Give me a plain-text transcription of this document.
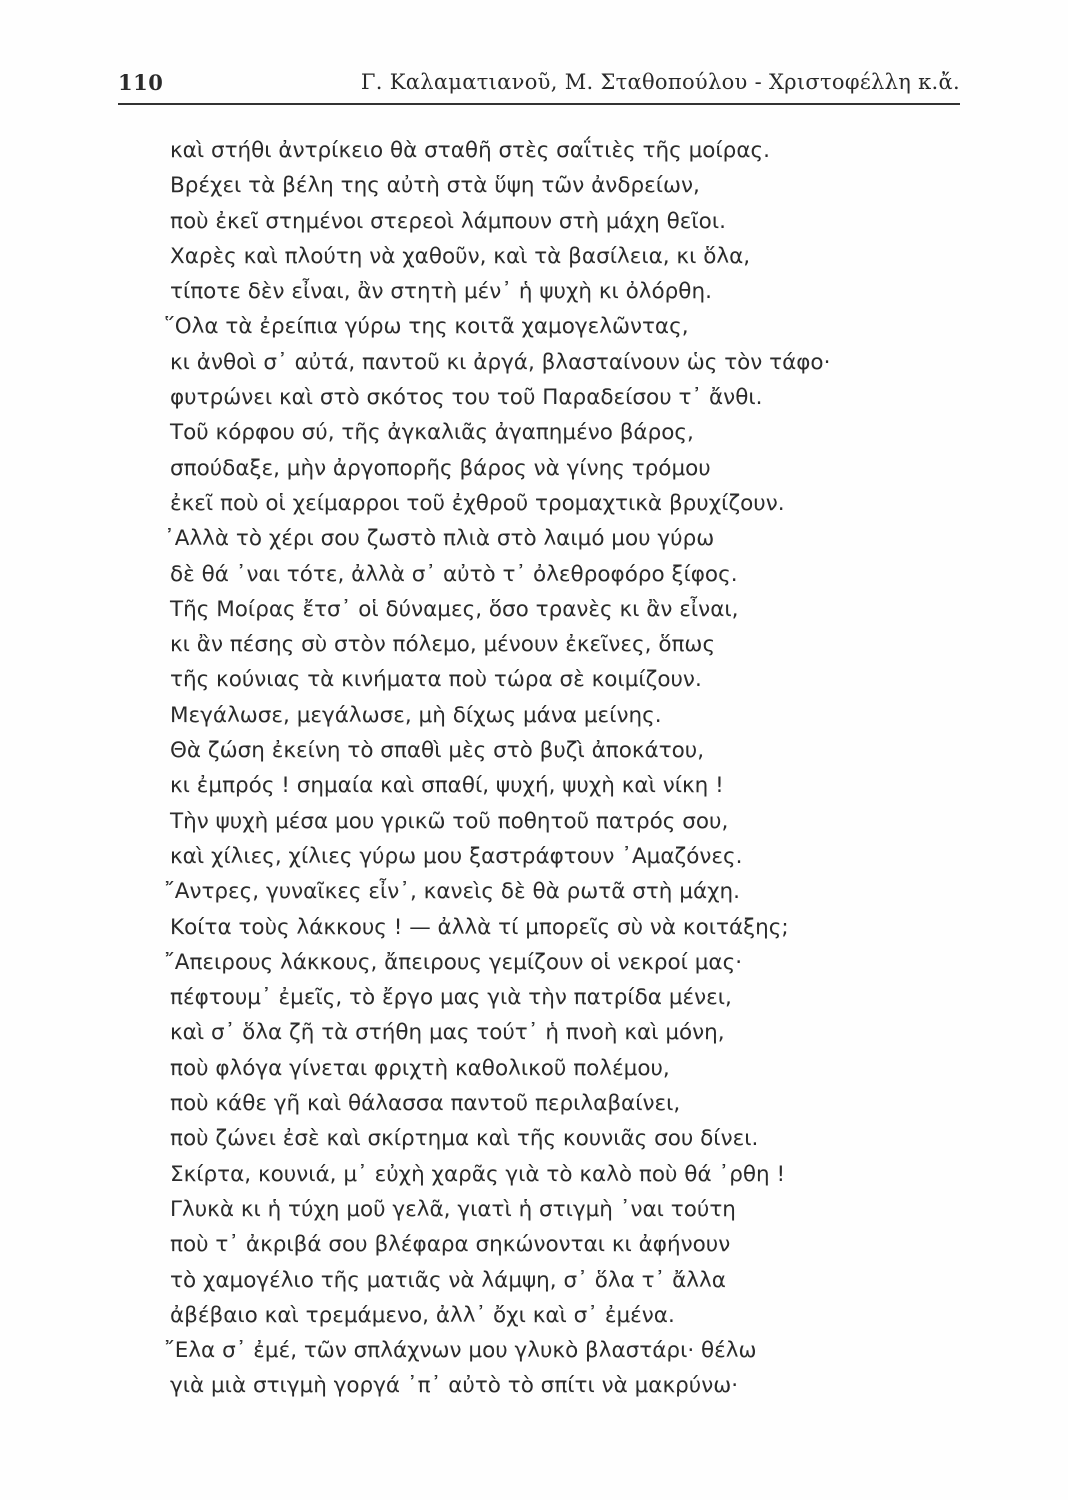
110	Γ. Καλαματιανοῦ, Μ. Σταθοπούλου - Χριστοφέλλη κ.ἄ.
καὶ στήθι ἀντρίκειο θὰ σταθῆ στὲς σαΐτιὲς τῆς μοίρας.
Βρέχει τὰ βέλη της αὐτὴ στὰ ὕψη τῶν ἀνδρείων,
ποὺ ἐκεῖ στημένοι στερεοὶ λάμπουν στὴ μάχη θεῖοι.
Χαρὲς καὶ πλούτη νὰ χαθοῦν, καὶ τὰ βασίλεια, κι ὅλα,
τίποτε δὲν εἶναι, ἂν στητὴ μέν᾽ ἡ ψυχὴ κι ὀλόρθη.
῞Ολα τὰ ἐρείπια γύρω της κοιτᾶ χαμογελῶντας,
κι ἀνθοὶ σ᾽ αὐτά, παντοῦ κι ἀργά, βλασταίνουν ὡς τὸν τάφο·
φυτρώνει καὶ στὸ σκότος του τοῦ Παραδείσου τ᾽ ἄνθι.
Τοῦ κόρφου σύ, τῆς ἀγκαλιᾶς ἀγαπημένο βάρος,
σπούδαξε, μὴν ἀργοπορῆς βάρος νὰ γίνης τρόμου
ἐκεῖ ποὺ οἱ χείμαρροι τοῦ ἐχθροῦ τρομαχτικὰ βρυχίζουν.
᾽Αλλὰ τὸ χέρι σου ζωστὸ πλιὰ στὸ λαιμό μου γύρω
δὲ θά ᾽ναι τότε, ἀλλὰ σ᾽ αὐτὸ τ᾽ ὀλεθροφόρο ξίφος.
Τῆς Μοίρας ἔτσ᾽ οἱ δύναμες, ὅσο τρανὲς κι ἂν εἶναι,
κι ἂν πέσης σὺ στὸν πόλεμο, μένουν ἐκεῖνες, ὅπως
τῆς κούνιας τὰ κινήματα ποὺ τώρα σὲ κοιμίζουν.
Μεγάλωσε, μεγάλωσε, μὴ δίχως μάνα μείνης.
Θὰ ζώση ἐκείνη τὸ σπαθὶ μὲς στὸ βυζὶ ἀποκάτου,
κι ἐμπρός ! σημαία καὶ σπαθί, ψυχή, ψυχὴ καὶ νίκη !
Τὴν ψυχὴ μέσα μου γρικῶ τοῦ ποθητοῦ πατρός σου,
καὶ χίλιες, χίλιες γύρω μου ξαστράφτουν ᾽Αμαζόνες.
῎Αντρες, γυναῖκες εἶν᾽, κανεὶς δὲ θὰ ρωτᾶ στὴ μάχη.
Κοίτα τοὺς λάκκους ! — ἀλλὰ τί μπορεῖς σὺ νὰ κοιτάξης;
῎Απειρους λάκκους, ἄπειρους γεμίζουν οἱ νεκροί μας·
πέφτουμ᾽ ἐμεῖς, τὸ ἔργο μας γιὰ τὴν πατρίδα μένει,
καὶ σ᾽ ὅλα ζῆ τὰ στήθη μας τούτ᾽ ἡ πνοὴ καὶ μόνη,
ποὺ φλόγα γίνεται φριχτὴ καθολικοῦ πολέμου,
ποὺ κάθε γῆ καὶ θάλασσα παντοῦ περιλαβαίνει,
ποὺ ζώνει ἐσὲ καὶ σκίρτημα καὶ τῆς κουνιᾶς σου δίνει.
Σκίρτα, κουνιά, μ᾽ εὐχὴ χαρᾶς γιὰ τὸ καλὸ ποὺ θά ᾽ρθη !
Γλυκὰ κι ἡ τύχη μοῦ γελᾶ, γιατὶ ἡ στιγμὴ ᾽ναι τούτη
ποὺ τ᾽ ἀκριβά σου βλέφαρα σηκώνονται κι ἀφήνουν
τὸ χαμογέλιο τῆς ματιᾶς νὰ λάμψη, σ᾽ ὅλα τ᾽ ἄλλα
ἀβέβαιο καὶ τρεμάμενο, ἀλλ᾽ ὄχι καὶ σ᾽ ἐμένα.
῎Ελα σ᾽ ἐμέ, τῶν σπλάχνων μου γλυκὸ βλαστάρι· θέλω
γιὰ μιὰ στιγμὴ γοργά ᾽π᾽ αὐτὸ τὸ σπίτι νὰ μακρύνω·
